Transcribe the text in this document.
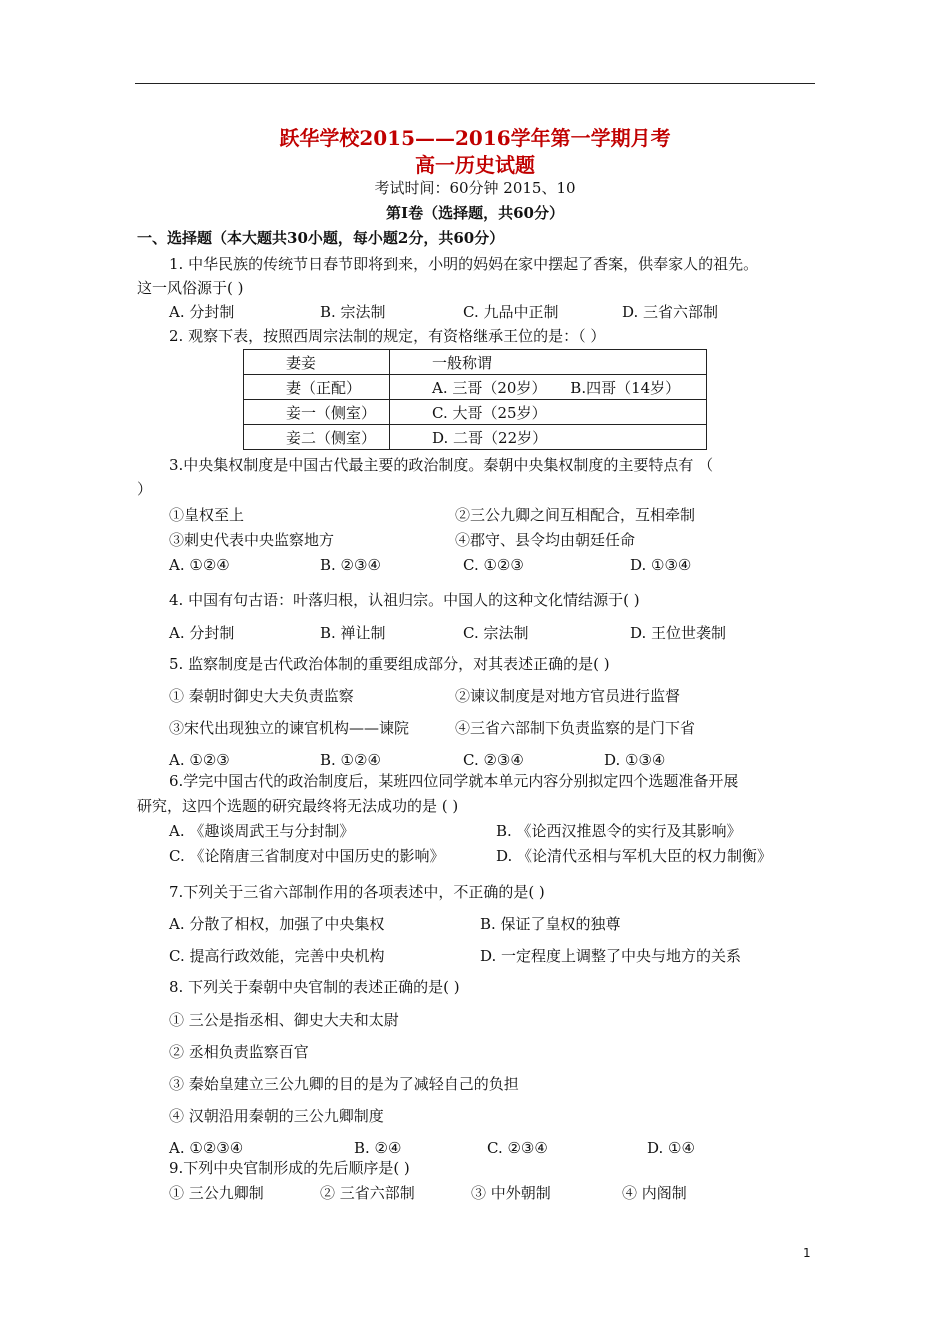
跃华学校2015——2016学年第一学期月考
高一历史试题
考试时间：60分钟 2015、10
第Ⅰ卷（选择题，共60分）
一、选择题（本大题共30小题，每小题2分，共60分）
1. 中华民族的传统节日春节即将到来，小明的妈妈在家中摆起了香案，供奉家人的祖先。
这一风俗源于( )
A. 分封制	B. 宗法制	C. 九品中正制	D. 三省六部制
2. 观察下表，按照西周宗法制的规定，有资格继承王位的是：（ ）
妻妾	一般称谓
妻（正配）	A. 三哥（20岁）     B.四哥（14岁）
妾一（侧室）	C. 大哥（25岁）
妾二（侧室）	D. 二哥（22岁）
3.中央集权制度是中国古代最主要的政治制度。秦朝中央集权制度的主要特点有 （
）
①皇权至上	②三公九卿之间互相配合，互相牵制
③刺史代表中央监察地方	④郡守、县令均由朝廷任命
A. ①②④	B. ②③④	C. ①②③	D. ①③④
4. 中国有句古语：叶落归根，认祖归宗。中国人的这种文化情结源于( )
A. 分封制	B. 禅让制	C. 宗法制	D. 王位世袭制
5. 监察制度是古代政治体制的重要组成部分，对其表述正确的是( )
① 秦朝时御史大夫负责监察	②谏议制度是对地方官员进行监督
③宋代出现独立的谏官机构——谏院	④三省六部制下负责监察的是门下省
A. ①②③	B. ①②④	C. ②③④	D. ①③④
6.学完中国古代的政治制度后，某班四位同学就本单元内容分别拟定四个选题准备开展
研究，这四个选题的研究最终将无法成功的是 ( )
A. 《趣谈周武王与分封制》	B. 《论西汉推恩令的实行及其影响》
C. 《论隋唐三省制度对中国历史的影响》	D. 《论清代丞相与军机大臣的权力制衡》
7.下列关于三省六部制作用的各项表述中，不正确的是( )
A. 分散了相权，加强了中央集权	B. 保证了皇权的独尊
C. 提高行政效能，完善中央机构	D. 一定程度上调整了中央与地方的关系
8. 下列关于秦朝中央官制的表述正确的是( )
① 三公是指丞相、御史大夫和太尉
② 丞相负责监察百官
③ 秦始皇建立三公九卿的目的是为了减轻自己的负担
④ 汉朝沿用秦朝的三公九卿制度
A. ①②③④	B. ②④	C. ②③④	D. ①④
9.下列中央官制形成的先后顺序是( )
① 三公九卿制	② 三省六部制	③ 中外朝制	④ 内阁制
1
